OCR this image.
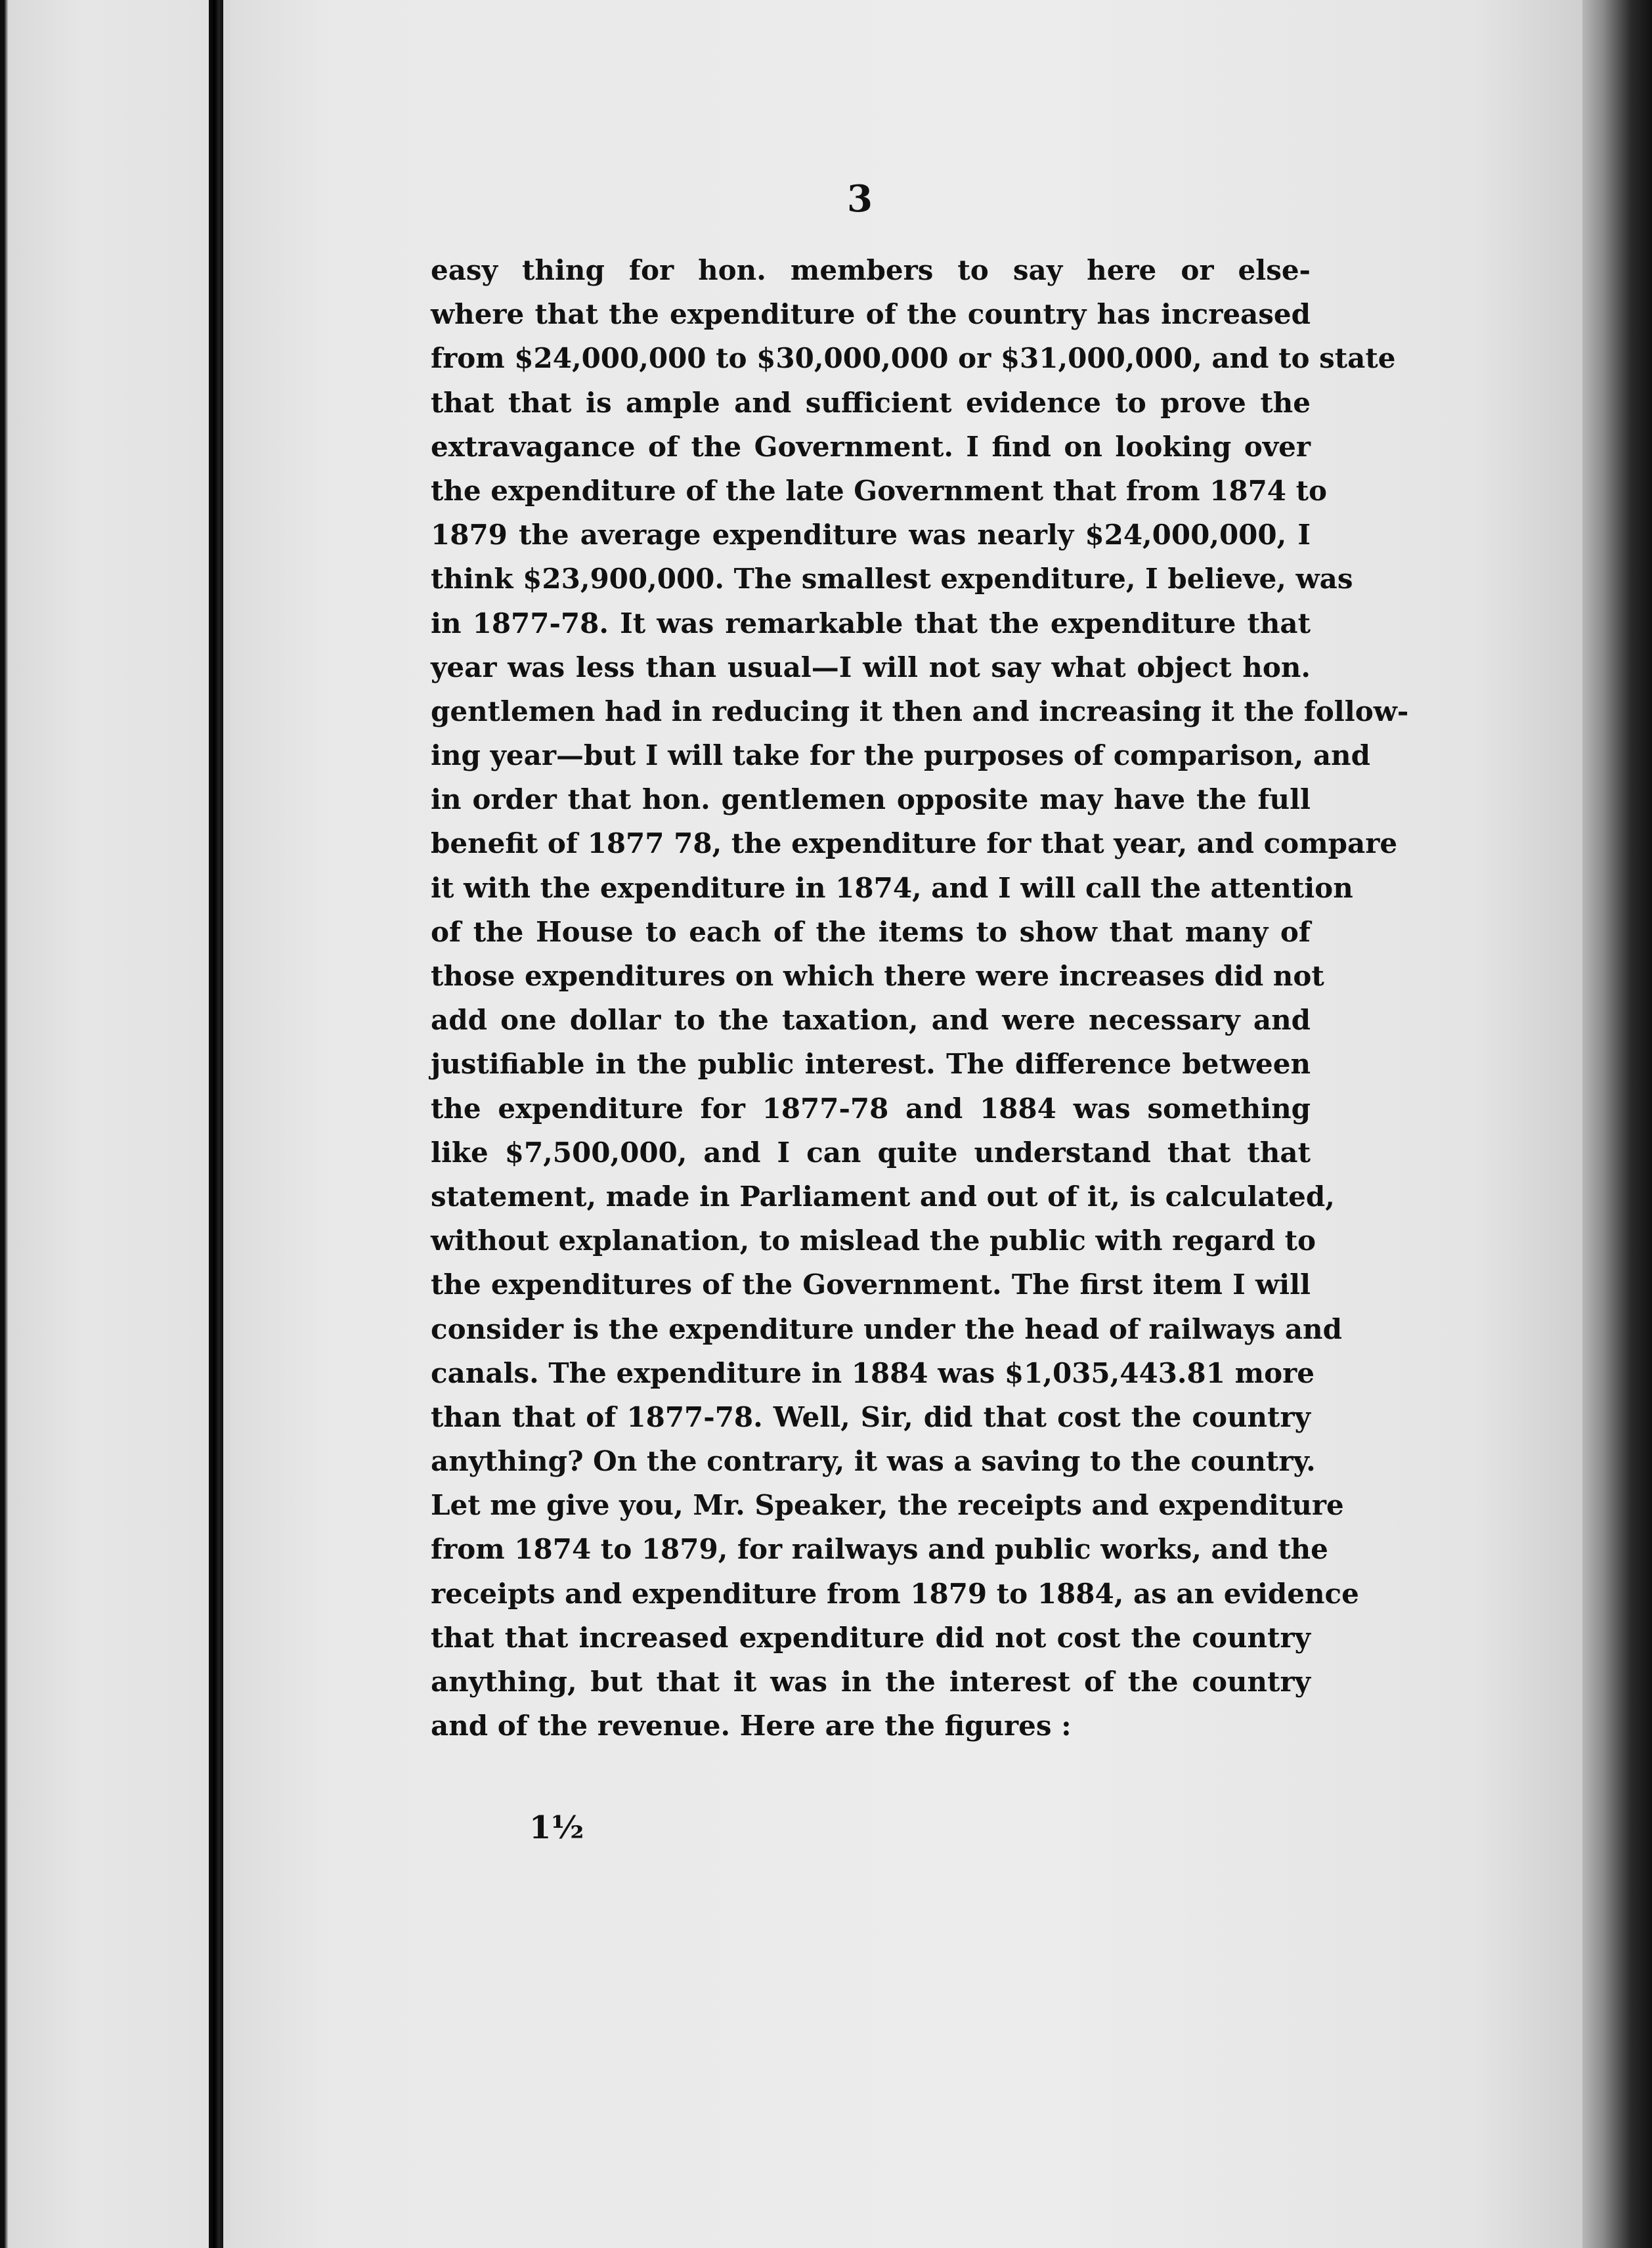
3
easy thing for hon. members to say here or else-
where that the expenditure of the country has increased
from $24,000,000 to $30,000,000 or $31,000,000, and to state
that that is ample and sufficient evidence to prove the
extravagance of the Government. I find on looking over
the expenditure of the late Government that from 1874 to
1879 the average expenditure was nearly $24,000,000, I
think $23,900,000. The smallest expenditure, I believe, was
in 1877-78. It was remarkable that the expenditure that
year was less than usual—I will not say what object hon.
gentlemen had in reducing it then and increasing it the follow-
ing year—but I will take for the purposes of comparison, and
in order that hon. gentlemen opposite may have the full
benefit of 1877 78, the expenditure for that year, and compare
it with the expenditure in 1874, and I will call the attention
of the House to each of the items to show that many of
those expenditures on which there were increases did not
add one dollar to the taxation, and were necessary and
justifiable in the public interest. The difference between
the expenditure for 1877-78 and 1884 was something
like $7,500,000, and I can quite understand that that
statement, made in Parliament and out of it, is calculated,
without explanation, to mislead the public with regard to
the expenditures of the Government. The first item I will
consider is the expenditure under the head of railways and
canals. The expenditure in 1884 was $1,035,443.81 more
than that of 1877-78. Well, Sir, did that cost the country
anything? On the contrary, it was a saving to the country.
Let me give you, Mr. Speaker, the receipts and expenditure
from 1874 to 1879, for railways and public works, and the
receipts and expenditure from 1879 to 1884, as an evidence
that that increased expenditure did not cost the country
anything, but that it was in the interest of the country
and of the revenue. Here are the figures :
1½
